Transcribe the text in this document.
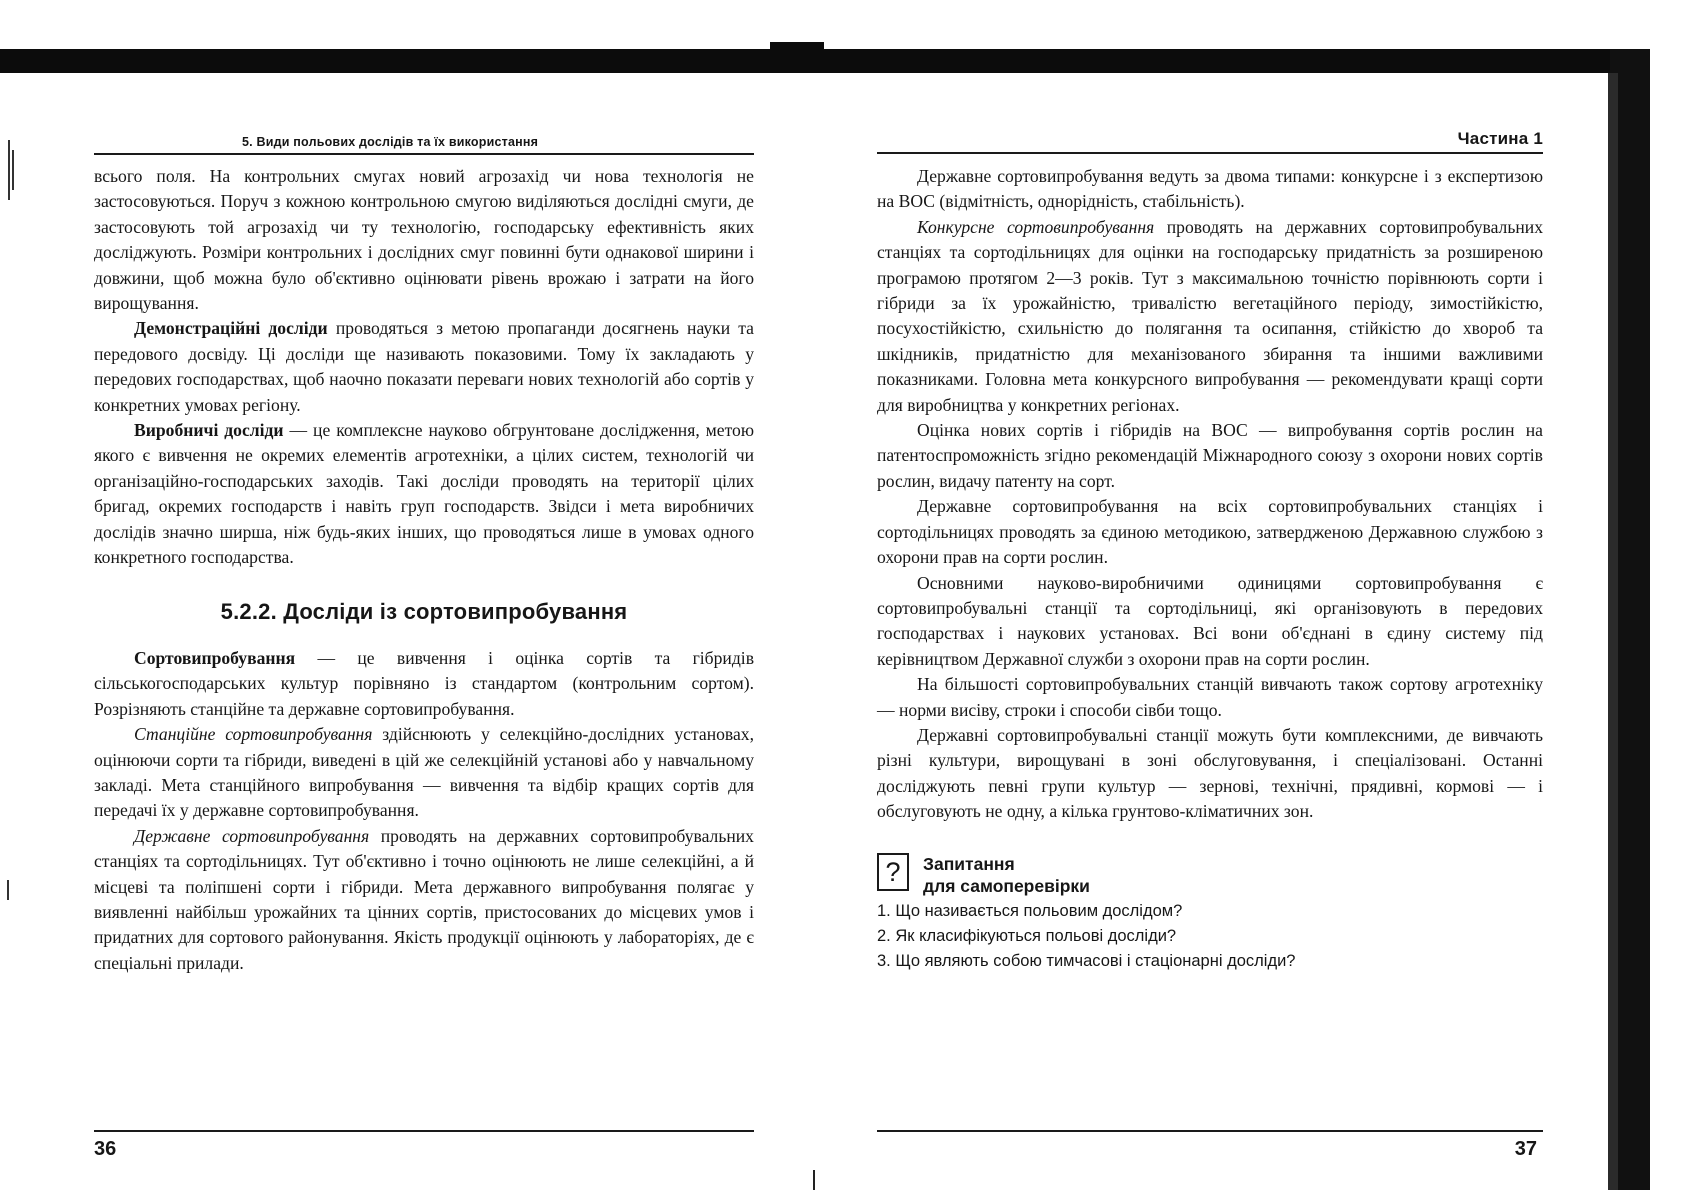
5. Види польових дослідів та їх використання

всього поля. На контрольних смугах новий агрозахід чи нова технологія не застосовуються. Поруч з кожною контрольною смугою виділяються дослідні смуги, де застосовують той агрозахід чи ту технологію, господарську ефективність яких досліджують. Розміри контрольних і дослідних смуг повинні бути однакової ширини і довжини, щоб можна було об'єктивно оцінювати рівень врожаю і затрати на його вирощування.

Демонстраційні досліди проводяться з метою пропаганди досягнень науки та передового досвіду. Ці досліди ще називають показовими. Тому їх закладають у передових господарствах, щоб наочно показати переваги нових технологій або сортів у конкретних умовах регіону.

Виробничі досліди — це комплексне науково обгрунтоване дослідження, метою якого є вивчення не окремих елементів агротехніки, а цілих систем, технологій чи організаційно-господарських заходів. Такі досліди проводять на території цілих бригад, окремих господарств і навіть груп господарств. Звідси і мета виробничих дослідів значно ширша, ніж будь-яких інших, що проводяться лише в умовах одного конкретного господарства.

5.2.2. Досліди із сортовипробування

Сортовипробування — це вивчення і оцінка сортів та гібридів сільськогосподарських культур порівняно із стандартом (контрольним сортом). Розрізняють станційне та державне сортовипробування.

Станційне сортовипробування здійснюють у селекційно-дослідних установах, оцінюючи сорти та гібриди, виведені в цій же селекційній установі або у навчальному закладі. Мета станційного випробування — вивчення та відбір кращих сортів для передачі їх у державне сортовипробування.

Державне сортовипробування проводять на державних сортовипробувальних станціях та сортодільницях. Тут об'єктивно і точно оцінюють не лише селекційні, а й місцеві та поліпшені сорти і гібриди. Мета державного випробування полягає у виявленні найбільш урожайних та цінних сортів, пристосованих до місцевих умов і придатних для сортового районування. Якість продукції оцінюють у лабораторіях, де є спеціальні прилади.

36
Частина 1

Державне сортовипробування ведуть за двома типами: конкурсне і з експертизою на ВОС (відмітність, однорідність, стабільність).

Конкурсне сортовипробування проводять на державних сортовипробувальних станціях та сортодільницях для оцінки на господарську придатність за розширеною програмою протягом 2—3 років. Тут з максимальною точністю порівнюють сорти і гібриди за їх урожайністю, тривалістю вегетаційного періоду, зимостійкістю, посухостійкістю, схильністю до полягання та осипання, стійкістю до хвороб та шкідників, придатністю для механізованого збирання та іншими важливими показниками. Головна мета конкурсного випробування — рекомендувати кращі сорти для виробництва у конкретних регіонах.

Оцінка нових сортів і гібридів на ВОС — випробування сортів рослин на патентоспроможність згідно рекомендацій Міжнародного союзу з охорони нових сортів рослин, видачу патенту на сорт.

Державне сортовипробування на всіх сортовипробувальних станціях і сортодільницях проводять за єдиною методикою, затвердженою Державною службою з охорони прав на сорти рослин.

Основними науково-виробничими одиницями сортовипробування є сортовипробувальні станції та сортодільниці, які організовують в передових господарствах і наукових установах. Всі вони об'єднані в єдину систему під керівництвом Державної служби з охорони прав на сорти рослин.

На більшості сортовипробувальних станцій вивчають також сортову агротехніку — норми висіву, строки і способи сівби тощо.

Державні сортовипробувальні станції можуть бути комплексними, де вивчають різні культури, вирощувані в зоні обслуговування, і спеціалізовані. Останні досліджують певні групи культур — зернові, технічні, прядивні, кормові — і обслуговують не одну, а кілька грунтово-кліматичних зон.

?	Запитання
для самоперевірки
1. Що називається польовим дослідом?
2. Як класифікуються польові досліди?
3. Що являють собою тимчасові і стаціонарні досліди?
37
